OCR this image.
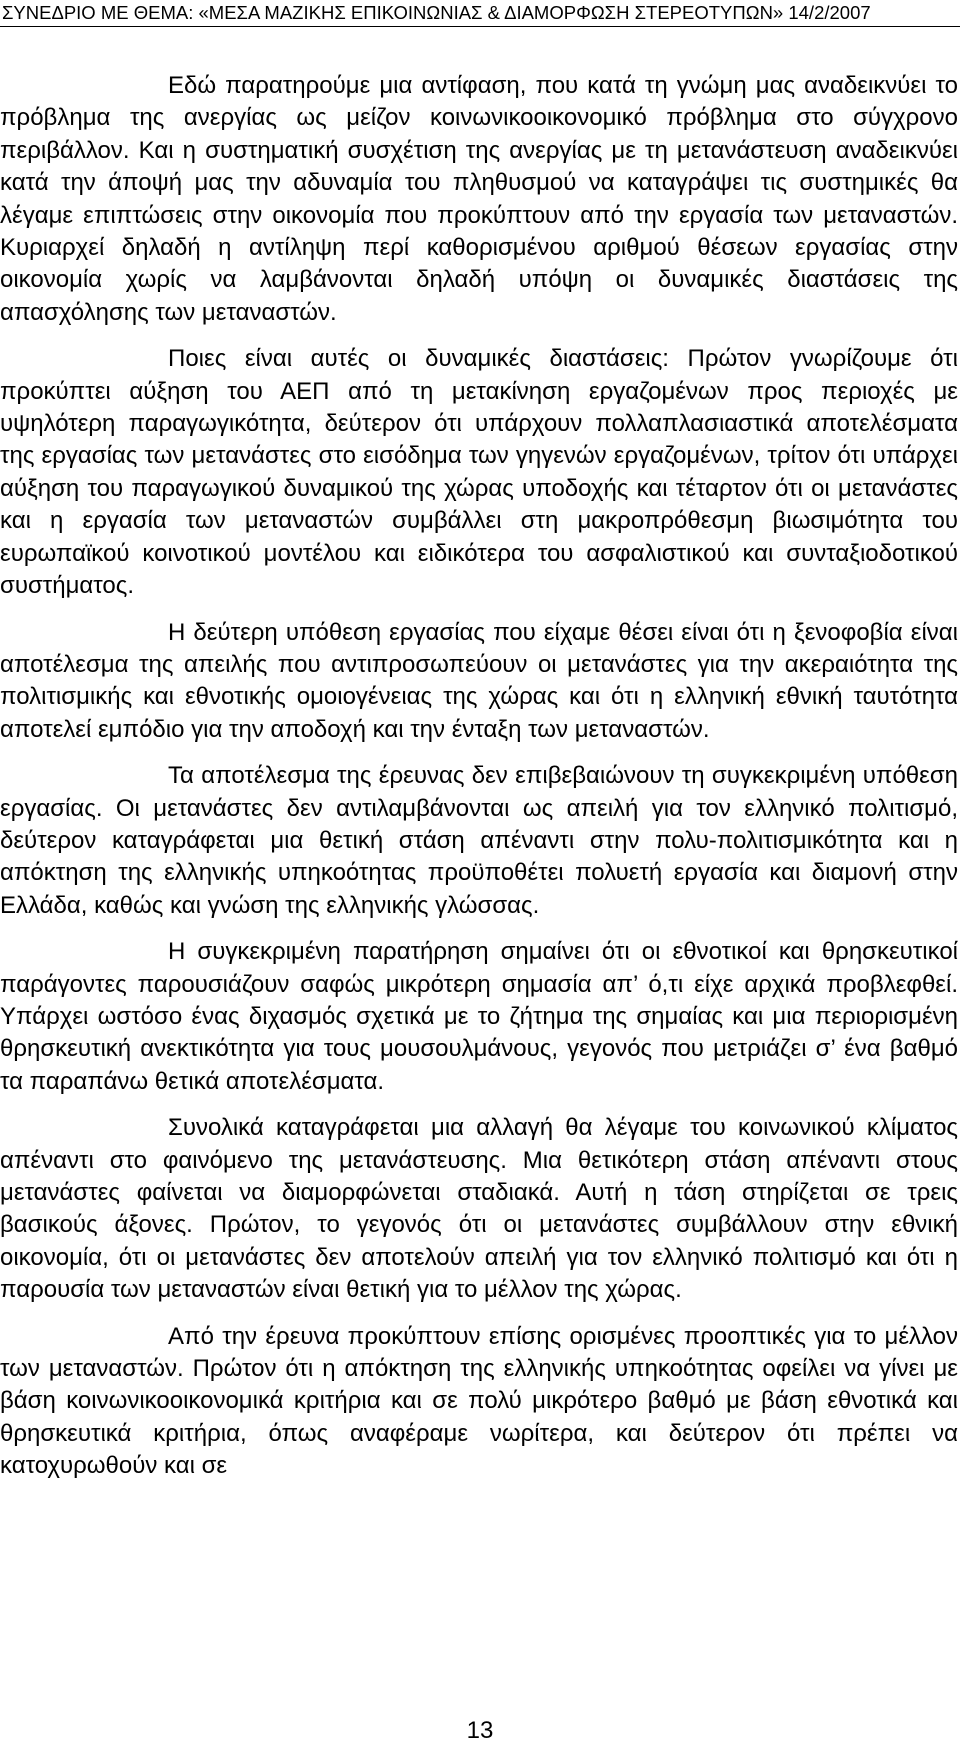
ΣΥΝΕΔΡΙΟ ΜΕ ΘΕΜΑ: «ΜΕΣΑ ΜΑΖΙΚΗΣ ΕΠΙΚΟΙΝΩΝΙΑΣ & ΔΙΑΜΟΡΦΩΣΗ ΣΤΕΡΕΟΤΥΠΩΝ» 14/2/2007

Εδώ παρατηρούμε μια αντίφαση, που κατά τη γνώμη μας αναδεικνύει το πρόβλημα της ανεργίας ως μείζον κοινωνικοοικονομικό πρόβλημα στο σύγχρονο περιβάλλον. Και η συστηματική συσχέτιση της ανεργίας με τη μετανάστευση αναδεικνύει κατά την άποψή μας την αδυναμία του πληθυσμού να καταγράψει τις συστημικές θα λέγαμε επιπτώσεις στην οικονομία που προκύπτουν από την εργασία των μεταναστών. Κυριαρχεί δηλαδή η αντίληψη περί καθορισμένου αριθμού θέσεων εργασίας στην οικονομία χωρίς να λαμβάνονται δηλαδή υπόψη οι δυναμικές διαστάσεις της απασχόλησης των μεταναστών.

Ποιες είναι αυτές οι δυναμικές διαστάσεις: Πρώτον γνωρίζουμε ότι προκύπτει αύξηση του ΑΕΠ από τη μετακίνηση εργαζομένων προς περιοχές με υψηλότερη παραγωγικότητα, δεύτερον ότι υπάρχουν πολλαπλασιαστικά αποτελέσματα της εργασίας των μετανάστες στο εισόδημα των γηγενών εργαζομένων, τρίτον ότι υπάρχει αύξηση του παραγωγικού δυναμικού της χώρας υποδοχής και τέταρτον ότι οι μετανάστες και η εργασία των μεταναστών συμβάλλει στη μακροπρόθεσμη βιωσιμότητα του ευρωπαϊκού κοινοτικού μοντέλου και ειδικότερα του ασφαλιστικού και συνταξιοδοτικού συστήματος.

Η δεύτερη υπόθεση εργασίας που είχαμε θέσει είναι ότι η ξενοφοβία είναι αποτέλεσμα της απειλής που αντιπροσωπεύουν οι μετανάστες για την ακεραιότητα της πολιτισμικής και εθνοτικής ομοιογένειας της χώρας και ότι η ελληνική εθνική ταυτότητα αποτελεί εμπόδιο για την αποδοχή και την ένταξη των μεταναστών.

Τα αποτέλεσμα της έρευνας δεν επιβεβαιώνουν τη συγκεκριμένη υπόθεση εργασίας. Οι μετανάστες δεν αντιλαμβάνονται ως απειλή για τον ελληνικό πολιτισμό, δεύτερον καταγράφεται μια θετική στάση απέναντι στην πολυ-πολιτισμικότητα και η απόκτηση της ελληνικής υπηκοότητας προϋποθέτει πολυετή εργασία και διαμονή στην Ελλάδα, καθώς και γνώση της ελληνικής γλώσσας.

Η συγκεκριμένη παρατήρηση σημαίνει ότι οι εθνοτικοί και θρησκευτικοί παράγοντες παρουσιάζουν σαφώς μικρότερη σημασία απ’ ό,τι είχε αρχικά προβλεφθεί. Υπάρχει ωστόσο ένας διχασμός σχετικά με το ζήτημα της σημαίας και μια περιορισμένη θρησκευτική ανεκτικότητα για τους μουσουλμάνους, γεγονός που μετριάζει σ’ ένα βαθμό τα παραπάνω θετικά αποτελέσματα.

Συνολικά καταγράφεται μια αλλαγή θα λέγαμε του κοινωνικού κλίματος απέναντι στο φαινόμενο της μετανάστευσης. Μια θετικότερη στάση απέναντι στους μετανάστες φαίνεται να διαμορφώνεται σταδιακά. Αυτή η τάση στηρίζεται σε τρεις βασικούς άξονες. Πρώτον, το γεγονός ότι οι μετανάστες συμβάλλουν στην εθνική οικονομία, ότι οι μετανάστες δεν αποτελούν απειλή για τον ελληνικό πολιτισμό και ότι η παρουσία των μεταναστών είναι θετική για το μέλλον της χώρας.

Από την έρευνα προκύπτουν επίσης ορισμένες προοπτικές για το μέλλον των μεταναστών. Πρώτον ότι η απόκτηση της ελληνικής υπηκοότητας οφείλει να γίνει με βάση κοινωνικοοικονομικά κριτήρια και σε πολύ μικρότερο βαθμό με βάση εθνοτικά και θρησκευτικά κριτήρια, όπως αναφέραμε νωρίτερα, και δεύτερον ότι πρέπει να κατοχυρωθούν και σε

13
